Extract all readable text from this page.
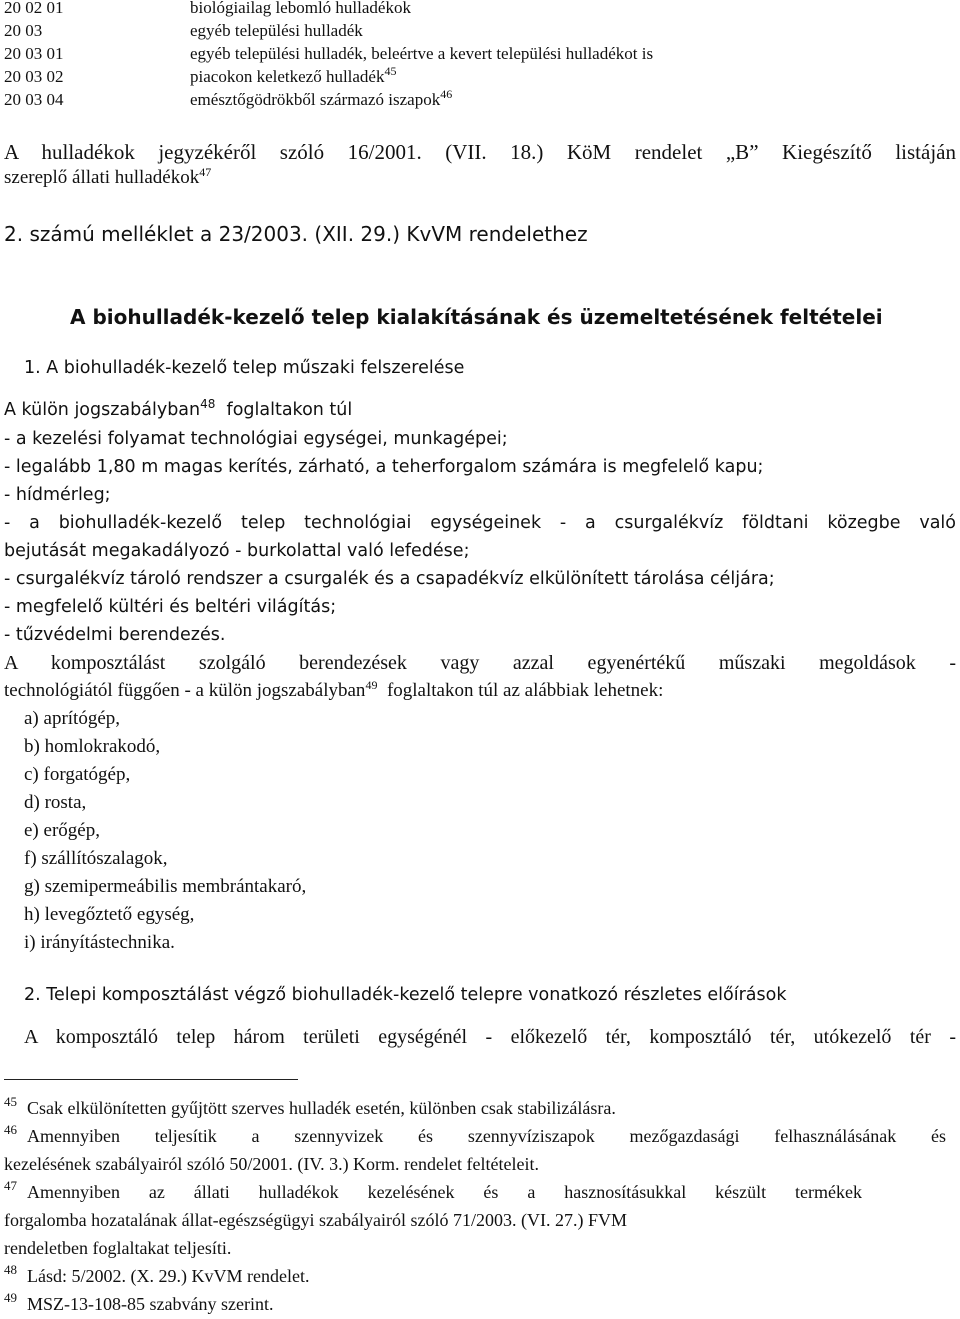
20 02 01	biológiailag lebomló hulladékok
20 03	egyéb települési hulladék
20 03 01	egyéb települési hulladék, beleértve a kevert települési hulladékot is
20 03 02	piacokon keletkező hulladék$^{45}$
20 03 04	emésztőgödrökből származó iszapok$^{46}$
A hulladékok jegyzékéről szóló 16/2001. (VII. 18.) KöM rendelet „B” Kiegészítő listáján
szereplő állati hulladékok$^{47}$
2. számú melléklet a 23/2003. (XII. 29.) KvVM rendelethez
A biohulladék-kezelő telep kialakításának és üzemeltetésének feltételei
1. A biohulladék-kezelő telep műszaki felszerelése
A külön jogszabályban$^{48}$ foglaltakon túl
- a kezelési folyamat technológiai egységei, munkagépei;
- legalább 1,80 m magas kerítés, zárható, a teherforgalom számára is megfelelő kapu;
- hídmérleg;
- a biohulladék-kezelő telep technológiai egységeinek - a csurgalékvíz földtani közegbe való
bejutását megakadályozó - burkolattal való lefedése;
- csurgalékvíz tároló rendszer a csurgalék és a csapadékvíz elkülönített tárolása céljára;
- megfelelő kültéri és beltéri világítás;
- tűzvédelmi berendezés.
A komposztálást szolgáló berendezések vagy azzal egyenértékű műszaki megoldások -
technológiától függően - a külön jogszabályban$^{49}$ foglaltakon túl az alábbiak lehetnek:
a) aprítógép,
b) homlokrakodó,
c) forgatógép,
d) rosta,
e) erőgép,
f) szállítószalagok,
g) szemipermeábilis membrántakaró,
h) levegőztető egység,
i) irányítástechnika.
2. Telepi komposztálást végző biohulladék-kezelő telepre vonatkozó részletes előírások
A komposztáló telep három területi egységénél - előkezelő tér, komposztáló tér, utókezelő tér -
$^{45}$ Csak elkülönítetten gyűjtött szerves hulladék esetén, különben csak stabilizálásra.
$^{46}$ Amennyiben teljesítik a szennyvizek és szennyvíziszapok mezőgazdasági felhasználásának és
kezelésének szabályairól szóló 50/2001. (IV. 3.) Korm. rendelet feltételeit.
$^{47}$ Amennyiben az állati hulladékok kezelésének és a hasznosításukkal készült termékek
forgalomba hozatalának állat-egészségügyi szabályairól szóló 71/2003. (VI. 27.) FVM
rendeletben foglaltakat teljesíti.
$^{48}$ Lásd: 5/2002. (X. 29.) KvVM rendelet.
$^{49}$ MSZ-13-108-85 szabvány szerint.
